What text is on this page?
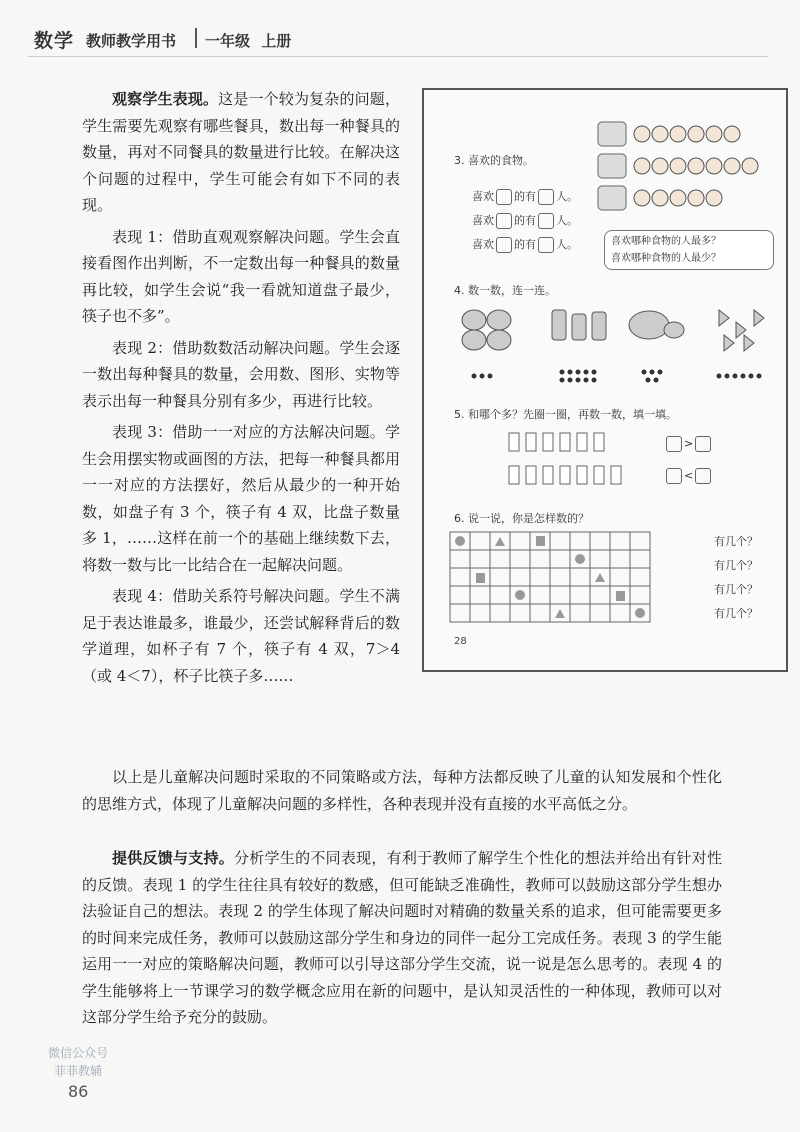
数学 教师教学用书 一年级 上册

观察学生表现。这是一个较为复杂的问题，学生需要先观察有哪些餐具，数出每一种餐具的数量，再对不同餐具的数量进行比较。在解决这个问题的过程中，学生可能会有如下不同的表现。

表现 1：借助直观观察解决问题。学生会直接看图作出判断，不一定数出每一种餐具的数量再比较，如学生会说“我一看就知道盘子最少，筷子也不多”。

表现 2：借助数数活动解决问题。学生会逐一数出每种餐具的数量，会用数、图形、实物等表示出每一种餐具分别有多少，再进行比较。

表现 3：借助一一对应的方法解决问题。学生会用摆实物或画图的方法，把每一种餐具都用一一对应的方法摆好，然后从最少的一种开始数，如盘子有 3 个，筷子有 4 双，比盘子数量多 1，……这样在前一个的基础上继续数下去，将数一数与比一比结合在一起解决问题。

表现 4：借助关系符号解决问题。学生不满足于表达谁最多，谁最少，还尝试解释背后的数学道理，如杯子有 7 个，筷子有 4 双，7＞4（或 4＜7），杯子比筷子多……

3. 喜欢的食物。
喜欢 的有 人。
喜欢 的有 人。
喜欢 的有 人。	喜欢哪种食物的人最多？
喜欢哪种食物的人最少？
4. 数一数，连一连。
5. 和哪个多？先圈一圈，再数一数，填一填。
>
<
6. 说一说，你是怎样数的？
有几个？
有几个？
有几个？
有几个？
28

以上是儿童解决问题时采取的不同策略或方法，每种方法都反映了儿童的认知发展和个性化的思维方式，体现了儿童解决问题的多样性，各种表现并没有直接的水平高低之分。

提供反馈与支持。分析学生的不同表现，有利于教师了解学生个性化的想法并给出有针对性的反馈。表现 1 的学生往往具有较好的数感，但可能缺乏准确性，教师可以鼓励这部分学生想办法验证自己的想法。表现 2 的学生体现了解决问题时对精确的数量关系的追求，但可能需要更多的时间来完成任务，教师可以鼓励这部分学生和身边的同伴一起分工完成任务。表现 3 的学生能运用一一对应的策略解决问题，教师可以引导这部分学生交流，说一说是怎么思考的。表现 4 的学生能够将上一节课学习的数学概念应用在新的问题中，是认知灵活性的一种体现，教师可以对这部分学生给予充分的鼓励。

微信公众号
菲菲教辅
86
